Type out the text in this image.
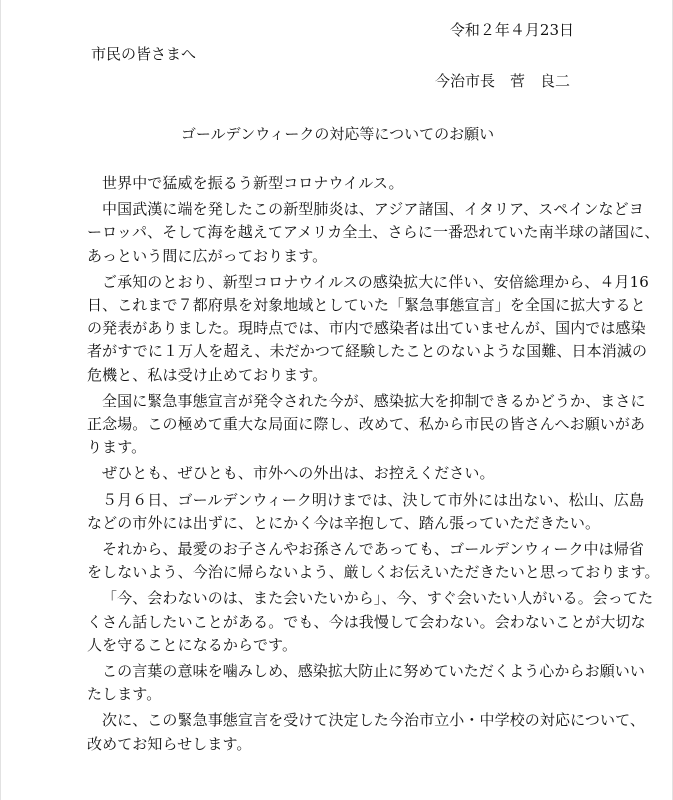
令和２年４月23日
市民の皆さまへ
今治市長　菅　良二
ゴールデンウィークの対応等についてのお願い
世界中で猛威を振るう新型コロナウイルス。
中国武漢に端を発したこの新型肺炎は、アジア諸国、イタリア、スペインなどヨ
ーロッパ、そして海を越えてアメリカ全土、さらに一番恐れていた南半球の諸国に、
あっという間に広がっております。
ご承知のとおり、新型コロナウイルスの感染拡大に伴い、安倍総理から、４月16
日、これまで７都府県を対象地域としていた「緊急事態宣言」を全国に拡大すると
の発表がありました。現時点では、市内で感染者は出ていませんが、国内では感染
者がすでに１万人を超え、未だかつて経験したことのないような国難、日本消滅の
危機と、私は受け止めております。
全国に緊急事態宣言が発令された今が、感染拡大を抑制できるかどうか、まさに
正念場。この極めて重大な局面に際し、改めて、私から市民の皆さんへお願いがあ
ります。
ぜひとも、ぜひとも、市外への外出は、お控えください。
５月６日、ゴールデンウィーク明けまでは、決して市外には出ない、松山、広島
などの市外には出ずに、とにかく今は辛抱して、踏ん張っていただきたい。
それから、最愛のお子さんやお孫さんであっても、ゴールデンウィーク中は帰省
をしないよう、今治に帰らないよう、厳しくお伝えいただきたいと思っております。
「今、会わないのは、また会いたいから」、今、すぐ会いたい人がいる。会ってた
くさん話したいことがある。でも、今は我慢して会わない。会わないことが大切な
人を守ることになるからです。
この言葉の意味を噛みしめ、感染拡大防止に努めていただくよう心からお願いい
たします。
次に、この緊急事態宣言を受けて決定した今治市立小・中学校の対応について、
改めてお知らせします。
